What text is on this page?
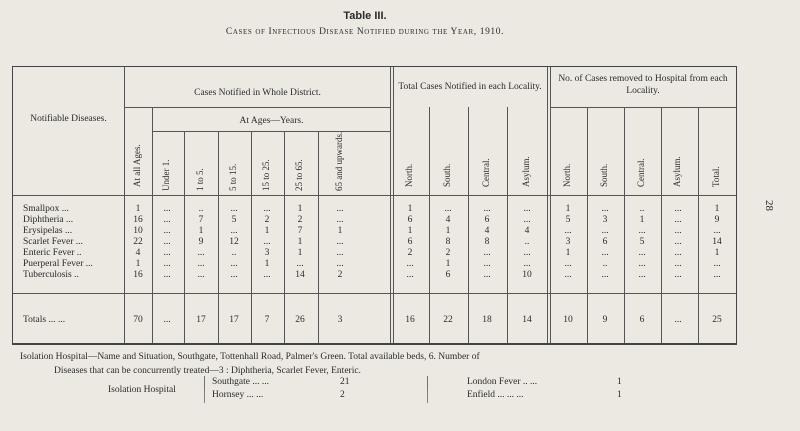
Table III.
Cases of Infectious Disease Notified during the Year, 1910.
28
Notifiable Diseases.
Cases Notified in Whole District.
At all Ages.
At Ages—Years.
Total Cases Notified in each Locality.
No. of Cases removed to Hospital from each Locality.
Under 1.	1 to 5.	5 to 15.	15 to 25.	25 to 65.	65 and upwards.	North.	South.	Central.	Asylum.	North.	South.	Central.	Asylum.	Total.
Smallpox ...	1	...	..	...	...	1	...	1	...	...	...	1	...	..	...	1
Diphtheria ...	16	...	7	5	2	2	...	6	4	6	...	5	3	1	...	9
Erysipelas ...	10	...	1	...	1	7	1	1	1	4	4	...	...	...	...	...
Scarlet Fever ...	22	...	9	12	...	1	...	6	8	8	..	3	6	5	...	14
Enteric Fever ..	4	...	...	..	3	1	...	2	2	...	...	1	...	...	...	1
Puerperal Fever ...	1	...	...	...	1	...	...	...	1	...	...	...	..	...	...	...
Tuberculosis ..	16	...	...	...	...	14	2	...	6	...	10	...	...	...	...	...
Totals ... ...	70	...	17	17	7	26	3	16	22	18	14	10	9	6	...	25
Isolation Hospital—Name and Situation, Southgate, Tottenhall Road, Palmer's Green. Total available beds, 6. Number of
Diseases that can be concurrently treated—3 : Diphtheria, Scarlet Fever, Enteric.
Isolation Hospital |
|
|
|
Southgate ... ...	21
Hornsey ... ...	2
London Fever .. ...	1
Enfield ... ... ...	1
